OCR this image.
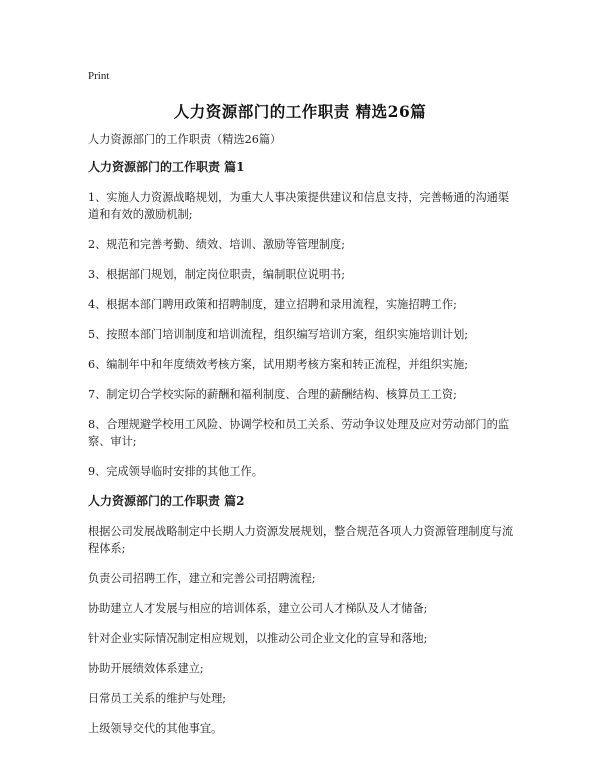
Print
人力资源部门的工作职责 精选26篇
人力资源部门的工作职责（精选26篇）
人力资源部门的工作职责 篇1
1、实施人力资源战略规划，为重大人事决策提供建议和信息支持，完善畅通的沟通渠道和有效的激励机制;
2、规范和完善考勤、绩效、培训、激励等管理制度;
3、根据部门规划，制定岗位职责，编制职位说明书;
4、根据本部门聘用政策和招聘制度，建立招聘和录用流程，实施招聘工作;
5、按照本部门培训制度和培训流程，组织编写培训方案，组织实施培训计划;
6、编制年中和年度绩效考核方案，试用期考核方案和转正流程，并组织实施;
7、制定切合学校实际的薪酬和福利制度、合理的薪酬结构、核算员工工资;
8、合理规避学校用工风险、协调学校和员工关系、劳动争议处理及应对劳动部门的监察、审计;
9、完成领导临时安排的其他工作。
人力资源部门的工作职责 篇2
根据公司发展战略制定中长期人力资源发展规划，整合规范各项人力资源管理制度与流程体系;
负责公司招聘工作，建立和完善公司招聘流程;
协助建立人才发展与相应的培训体系，建立公司人才梯队及人才储备;
针对企业实际情况制定相应规划，以推动公司企业文化的宣导和落地;
协助开展绩效体系建立;
日常员工关系的维护与处理;
上级领导交代的其他事宜。
